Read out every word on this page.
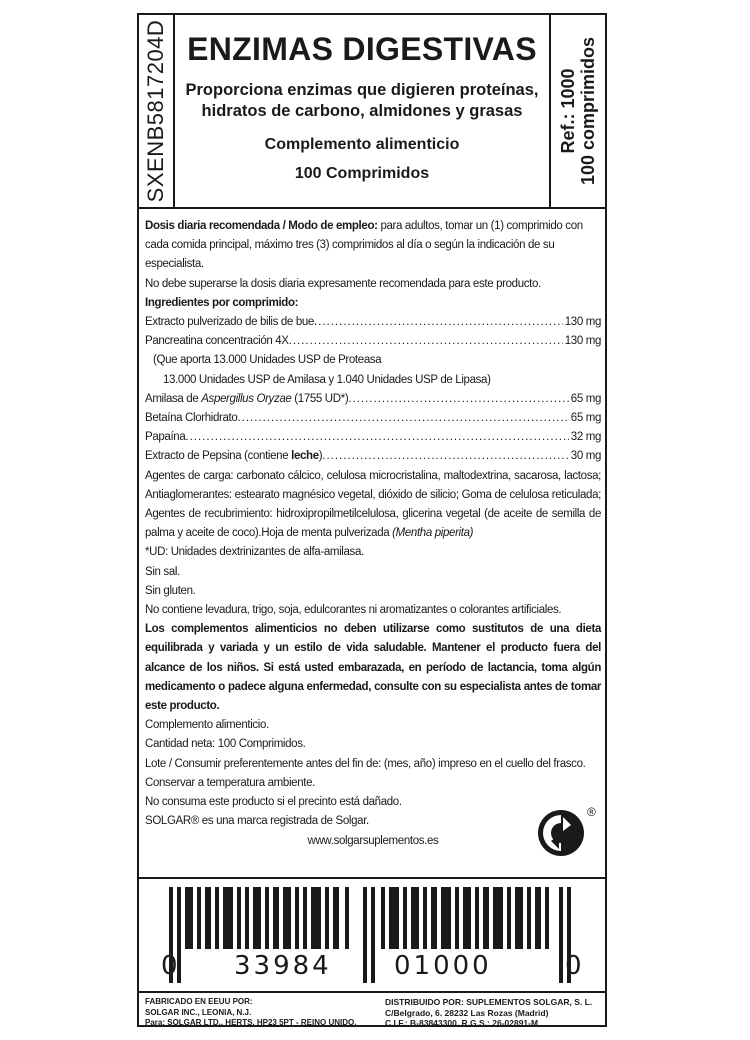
SXENB5817204D ENZIMAS DIGESTIVAS
Proporciona enzimas que digieren proteínas,
hidratos de carbono, almidones y grasas
Complemento alimenticio
100 Comprimidos
Ref.: 1000 100 comprimidos

Dosis diaria recomendada / Modo de empleo: para adultos, tomar un (1) comprimido con

cada comida principal, máximo tres (3) comprimidos al día o según la indicación de su especialista.

No debe superarse la dosis diaria expresamente recomendada para este producto.

Ingredientes por comprimido:

Extracto pulverizado de bilis de bue .....	130 mg
Pancreatina concentración 4X .....	130 mg

(Que aporta 13.000 Unidades USP de Proteasa

13.000 Unidades USP de Amilasa y 1.040 Unidades USP de Lipasa)

Amilasa de Aspergillus Oryzae (1755 UD*) .....	65 mg
Betaína Clorhidrato .....	65 mg
Papaína .....	32 mg
Extracto de Pepsina (contiene leche) .....	30 mg

Agentes de carga: carbonato cálcico, celulosa microcristalina, maltodextrina, sacarosa, lactosa; Antiaglomerantes: estearato magnésico vegetal, dióxido de silicio; Goma de celulosa reticulada; Agentes de recubrimiento: hidroxipropilmetilcelulosa, glicerina vegetal (de aceite de semilla de palma y aceite de coco).Hoja de menta pulverizada (Mentha piperita)

*UD: Unidades dextrinizantes de alfa-amilasa.

Sin sal.

Sin gluten.

No contiene levadura, trigo, soja, edulcorantes ni aromatizantes o colorantes artificiales.

Los complementos alimenticios no deben utilizarse como sustitutos de una dieta equilibrada y variada y un estilo de vida saludable. Mantener el producto fuera del alcance de los niños. Si está usted embarazada, en período de lactancia, toma algún medicamento o padece alguna enfermedad, consulte con su especialista antes de tomar este producto.

Complemento alimenticio.

Cantidad neta: 100 Comprimidos.

Lote / Consumir preferentemente antes del fin de: (mes, año) impreso en el cuello del frasco.

Conservar a temperatura ambiente.

No consuma este producto si el precinto está dañado.

SOLGAR® es una marca registrada de Solgar.

www.solgarsuplementos.es

®
0 33984 01000	0
FABRICADO EN EEUU POR:
SOLGAR INC., LEONIA, N.J.
Para: SOLGAR LTD., HERTS, HP23 5PT - REINO UNIDO.
DISTRIBUIDO POR: SUPLEMENTOS SOLGAR, S. L.
C/Belgrado, 6. 28232 Las Rozas (Madrid)
C.I.F.: B-83843300. R.G.S.: 26-02891-M
